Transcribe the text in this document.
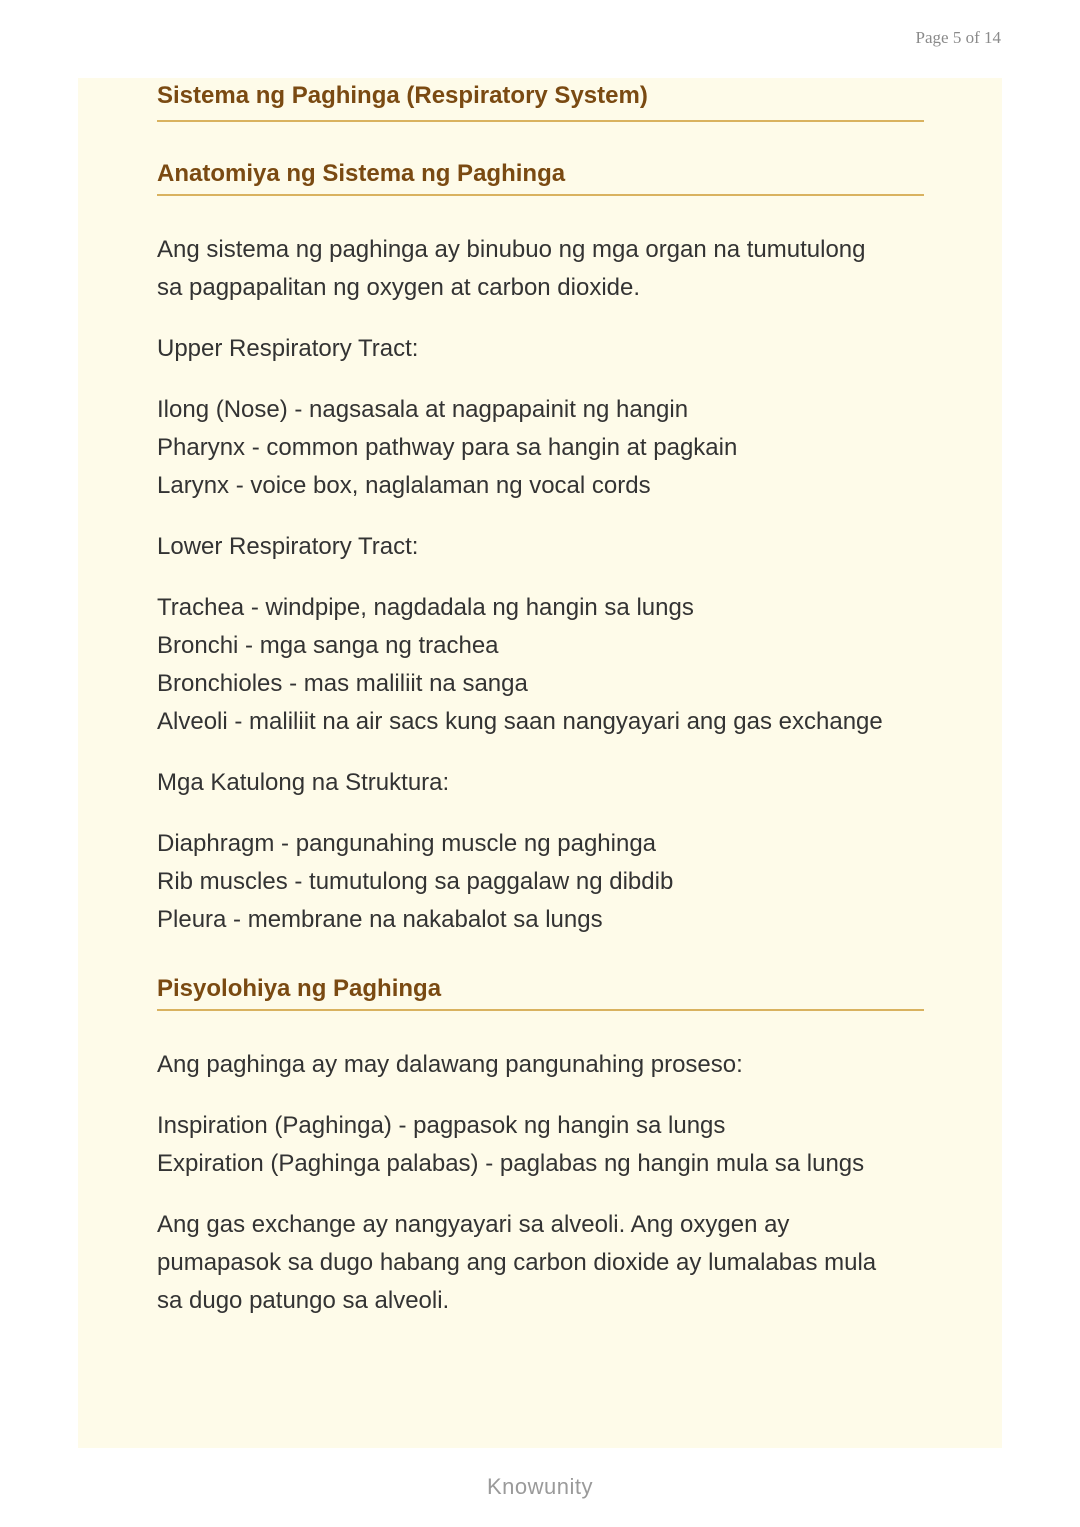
Page 5 of 14
Sistema ng Paghinga (Respiratory System)
Anatomiya ng Sistema ng Paghinga

Ang sistema ng paghinga ay binubuo ng mga organ na tumutulong
sa pagpapalitan ng oxygen at carbon dioxide.

Upper Respiratory Tract:

Ilong (Nose) - nagsasala at nagpapainit ng hangin
Pharynx - common pathway para sa hangin at pagkain
Larynx - voice box, naglalaman ng vocal cords

Lower Respiratory Tract:

Trachea - windpipe, nagdadala ng hangin sa lungs
Bronchi - mga sanga ng trachea
Bronchioles - mas maliliit na sanga
Alveoli - maliliit na air sacs kung saan nangyayari ang gas exchange

Mga Katulong na Struktura:

Diaphragm - pangunahing muscle ng paghinga
Rib muscles - tumutulong sa paggalaw ng dibdib
Pleura - membrane na nakabalot sa lungs

Pisyolohiya ng Paghinga

Ang paghinga ay may dalawang pangunahing proseso:

Inspiration (Paghinga) - pagpasok ng hangin sa lungs
Expiration (Paghinga palabas) - paglabas ng hangin mula sa lungs

Ang gas exchange ay nangyayari sa alveoli. Ang oxygen ay
pumapasok sa dugo habang ang carbon dioxide ay lumalabas mula
sa dugo patungo sa alveoli.

Knowunity
